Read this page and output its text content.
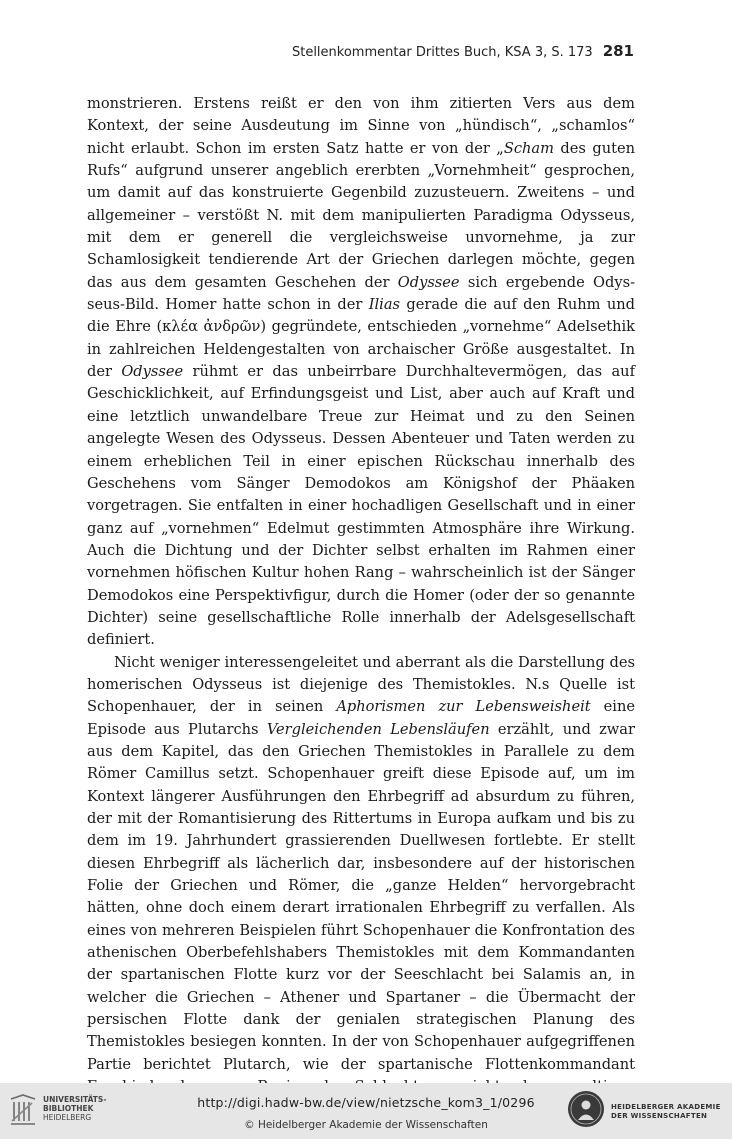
Stellenkommentar Drittes Buch, KSA 3, S. 173 281

monstrieren. Erstens reißt er den von ihm zitierten Vers aus dem Kontext, der seine Ausdeutung im Sinne von „hündisch“, „schamlos“ nicht erlaubt. Schon im ersten Satz hatte er von der „Scham des guten Rufs“ aufgrund unserer angeblich ererbten „Vornehmheit“ gesprochen, um damit auf das konstruierte Gegenbild zuzusteuern. Zweitens – und allgemeiner – verstößt N. mit dem manipulierten Paradigma Odysseus, mit dem er generell die vergleichsweise unvornehme, ja zur Schamlosigkeit tendierende Art der Griechen darlegen möchte, gegen das aus dem gesamten Geschehen der Odyssee sich ergebende Odysseus-Bild. Homer hatte schon in der Ilias gerade die auf den Ruhm und die Ehre (κλέα ἀνδρῶν) gegründete, entschieden „vornehme“ Adelsethik in zahlreichen Heldengestalten von archaischer Größe ausgestaltet. In der Odyssee rühmt er das unbeirrbare Durchhaltevermögen, das auf Geschicklichkeit, auf Erfindungsgeist und List, aber auch auf Kraft und eine letztlich unwandelbare Treue zur Heimat und zu den Seinen angelegte Wesen des Odysseus. Dessen Abenteuer und Taten werden zu einem erheblichen Teil in einer epischen Rückschau innerhalb des Geschehens vom Sänger Demodokos am Königshof der Phäaken vorgetragen. Sie entfalten in einer hochadligen Gesellschaft und in einer ganz auf „vornehmen“ Edelmut gestimmten Atmosphäre ihre Wirkung. Auch die Dichtung und der Dichter selbst erhalten im Rahmen einer vornehmen höfischen Kultur hohen Rang – wahrscheinlich ist der Sänger Demodokos eine Perspektivfigur, durch die Homer (oder der so genannte Dichter) seine gesellschaftliche Rolle innerhalb der Adelsgesellschaft definiert.

Nicht weniger interessengeleitet und aberrant als die Darstellung des homerischen Odysseus ist diejenige des Themistokles. N.s Quelle ist Schopenhauer, der in seinen Aphorismen zur Lebensweisheit eine Episode aus Plutarchs Vergleichenden Lebensläufen erzählt, und zwar aus dem Kapitel, das den Griechen Themistokles in Parallele zu dem Römer Camillus setzt. Schopenhauer greift diese Episode auf, um im Kontext längerer Ausführungen den Ehrbegriff ad absurdum zu führen, der mit der Romantisierung des Rittertums in Europa aufkam und bis zu dem im 19. Jahrhundert grassierenden Duellwesen fortlebte. Er stellt diesen Ehrbegriff als lächerlich dar, insbesondere auf der historischen Folie der Griechen und Römer, die „ganze Helden“ hervorgebracht hätten, ohne doch einem derart irrationalen Ehrbegriff zu verfallen. Als eines von mehreren Beispielen führt Schopenhauer die Konfrontation des athenischen Oberbefehlshabers Themistokles mit dem Kommandanten der spartanischen Flotte kurz vor der Seeschlacht bei Salamis an, in welcher die Griechen – Athener und Spartaner – die Übermacht der persischen Flotte dank der genialen strategischen Planung des Themistokles besiegen konnten. In der von Schopenhauer aufgegriffenen Partie berichtet Plutarch, wie der spartanische Flottenkommandant

UNIVERSITÄTS-
BIBLIOTHEK
HEIDELBERG
http://digi.hadw-bw.de/view/nietzsche_kom3_1/0296
© Heidelberger Akademie der Wissenschaften
HEIDELBERGER AKADEMIE
DER WISSENSCHAFTEN
